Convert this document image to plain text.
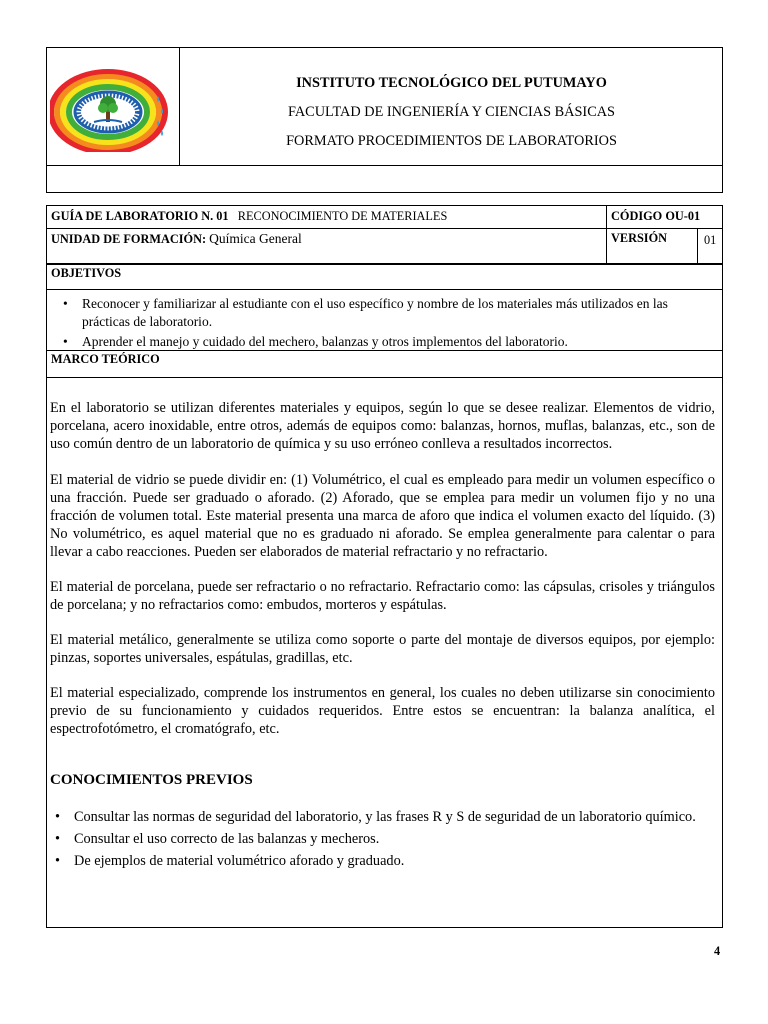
INSTITUTO TECNOLÓGICO DEL PUTUMAYO
FACULTAD DE INGENIERÍA Y CIENCIAS BÁSICAS
FORMATO PROCEDIMIENTOS DE LABORATORIOS
GUÍA DE LABORATORIO N. 01 RECONOCIMIENTO DE MATERIALES	CÓDIGO OU-01
UNIDAD DE FORMACIÓN: Química General	VERSIÓN	01
OBJETIVOS
• Reconocer y familiarizar al estudiante con el uso específico y nombre de los materiales más utilizados en las prácticas de laboratorio.
• Aprender el manejo y cuidado del mechero, balanzas y otros implementos del laboratorio.
MARCO TEÓRICO
En el laboratorio se utilizan diferentes materiales y equipos, según lo que se desee realizar. Elementos de vidrio, porcelana, acero inoxidable, entre otros, además de equipos como: balanzas, hornos, muflas, balanzas, etc., son de uso común dentro de un laboratorio de química y su uso erróneo conlleva a resultados incorrectos.
El material de vidrio se puede dividir en: (1) Volumétrico, el cual es empleado para medir un volumen específico o una fracción. Puede ser graduado o aforado. (2) Aforado, que se emplea para medir un volumen fijo y no una fracción de volumen total. Este material presenta una marca de aforo que indica el volumen exacto del líquido. (3) No volumétrico, es aquel material que no es graduado ni aforado. Se emplea generalmente para calentar o para llevar a cabo reacciones. Pueden ser elaborados de material refractario y no refractario.
El material de porcelana, puede ser refractario o no refractario. Refractario como: las cápsulas, crisoles y triángulos de porcelana; y no refractarios como: embudos, morteros y espátulas.
El material metálico, generalmente se utiliza como soporte o parte del montaje de diversos equipos, por ejemplo: pinzas, soportes universales, espátulas, gradillas, etc.
El material especializado, comprende los instrumentos en general, los cuales no deben utilizarse sin conocimiento previo de su funcionamiento y cuidados requeridos. Entre estos se encuentran: la balanza analítica, el espectrofotómetro, el cromatógrafo, etc.
CONOCIMIENTOS PREVIOS
• Consultar las normas de seguridad del laboratorio, y las frases R y S de seguridad de un laboratorio químico.
• Consultar el uso correcto de las balanzas y mecheros.
• De ejemplos de material volumétrico aforado y graduado.
4
